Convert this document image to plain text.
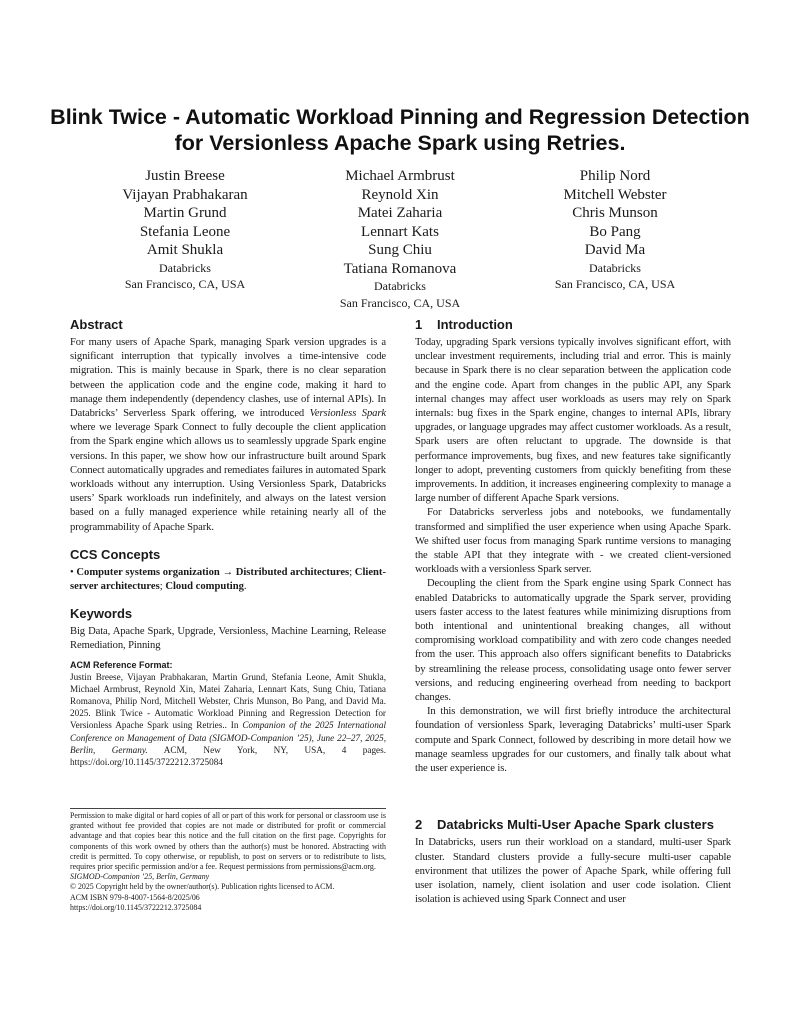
Blink Twice - Automatic Workload Pinning and Regression Detection for Versionless Apache Spark using Retries.
Justin Breese
Vijayan Prabhakaran
Martin Grund
Stefania Leone
Amit Shukla
Databricks
San Francisco, CA, USA
Michael Armbrust
Reynold Xin
Matei Zaharia
Lennart Kats
Sung Chiu
Tatiana Romanova
Databricks
San Francisco, CA, USA
Philip Nord
Mitchell Webster
Chris Munson
Bo Pang
David Ma
Databricks
San Francisco, CA, USA
Abstract

For many users of Apache Spark, managing Spark version upgrades is a significant interruption that typically involves a time-intensive code migration. This is mainly because in Spark, there is no clear separation between the application code and the engine code, making it hard to manage them independently (dependency clashes, use of internal APIs). In Databricks’ Serverless Spark offering, we introduced Versionless Spark where we leverage Spark Connect to fully decouple the client application from the Spark engine which allows us to seamlessly upgrade Spark engine versions. In this paper, we show how our infrastructure built around Spark Connect automatically upgrades and remediates failures in automated Spark workloads without any interruption. Using Versionless Spark, Databricks users’ Spark workloads run indefinitely, and always on the latest version based on a fully managed experience while retaining nearly all of the programmability of Apache Spark.

CCS Concepts

• Computer systems organization → Distributed architectures; Client-server architectures; Cloud computing.

Keywords

Big Data, Apache Spark, Upgrade, Versionless, Machine Learning, Release Remediation, Pinning

ACM Reference Format:

Justin Breese, Vijayan Prabhakaran, Martin Grund, Stefania Leone, Amit Shukla, Michael Armbrust, Reynold Xin, Matei Zaharia, Lennart Kats, Sung Chiu, Tatiana Romanova, Philip Nord, Mitchell Webster, Chris Munson, Bo Pang, and David Ma. 2025. Blink Twice - Automatic Workload Pinning and Regression Detection for Versionless Apache Spark using Retries.. In Companion of the 2025 International Conference on Management of Data (SIGMOD-Companion ’25), June 22–27, 2025, Berlin, Germany. ACM, New York, NY, USA, 4 pages. https://doi.org/10.1145/3722212.3725084

Permission to make digital or hard copies of all or part of this work for personal or classroom use is granted without fee provided that copies are not made or distributed for profit or commercial advantage and that copies bear this notice and the full citation on the first page. Copyrights for components of this work owned by others than the author(s) must be honored. Abstracting with credit is permitted. To copy otherwise, or republish, to post on servers or to redistribute to lists, requires prior specific permission and/or a fee. Request permissions from permissions@acm.org.
SIGMOD-Companion ’25, Berlin, Germany
© 2025 Copyright held by the owner/author(s). Publication rights licensed to ACM.
ACM ISBN 979-8-4007-1564-8/2025/06
https://doi.org/10.1145/3722212.3725084
1 Introduction

Today, upgrading Spark versions typically involves significant effort, with unclear investment requirements, including trial and error. This is mainly because in Spark there is no clear separation between the application code and the engine code. Apart from changes in the public API, any Spark internal changes may affect user workloads as users may rely on Spark internals: bug fixes in the Spark engine, changes to internal APIs, library upgrades, or language upgrades may affect customer workloads. As a result, Spark users are often reluctant to upgrade. The downside is that performance improvements, bug fixes, and new features take significantly longer to adopt, preventing customers from quickly benefiting from these improvements. In addition, it increases engineering complexity to manage a large number of different Apache Spark versions.

For Databricks serverless jobs and notebooks, we fundamentally transformed and simplified the user experience when using Apache Spark. We shifted user focus from managing Spark runtime versions to managing the stable API that they integrate with - we created client-versioned workloads with a versionless Spark server.

Decoupling the client from the Spark engine using Spark Connect has enabled Databricks to automatically upgrade the Spark server, providing users faster access to the latest features while minimizing disruptions from both intentional and unintentional breaking changes, all without compromising workload compatibility and with zero code changes needed from the user. This approach also offers significant benefits to Databricks by streamlining the release process, consolidating usage onto fewer server versions, and reducing engineering overhead from needing to backport changes.

In this demonstration, we will first briefly introduce the architectural foundation of versionless Spark, leveraging Databricks’ multi-user Spark compute and Spark Connect, followed by describing in more detail how we manage seamless upgrades for our customers, and finally talk about what the user experience is.

2 Databricks Multi-User Apache Spark clusters

In Databricks, users run their workload on a standard, multi-user Spark cluster. Standard clusters provide a fully-secure multi-user capable environment that utilizes the power of Apache Spark, while offering full user isolation, namely, client isolation and user code isolation. Client isolation is achieved using Spark Connect and user
